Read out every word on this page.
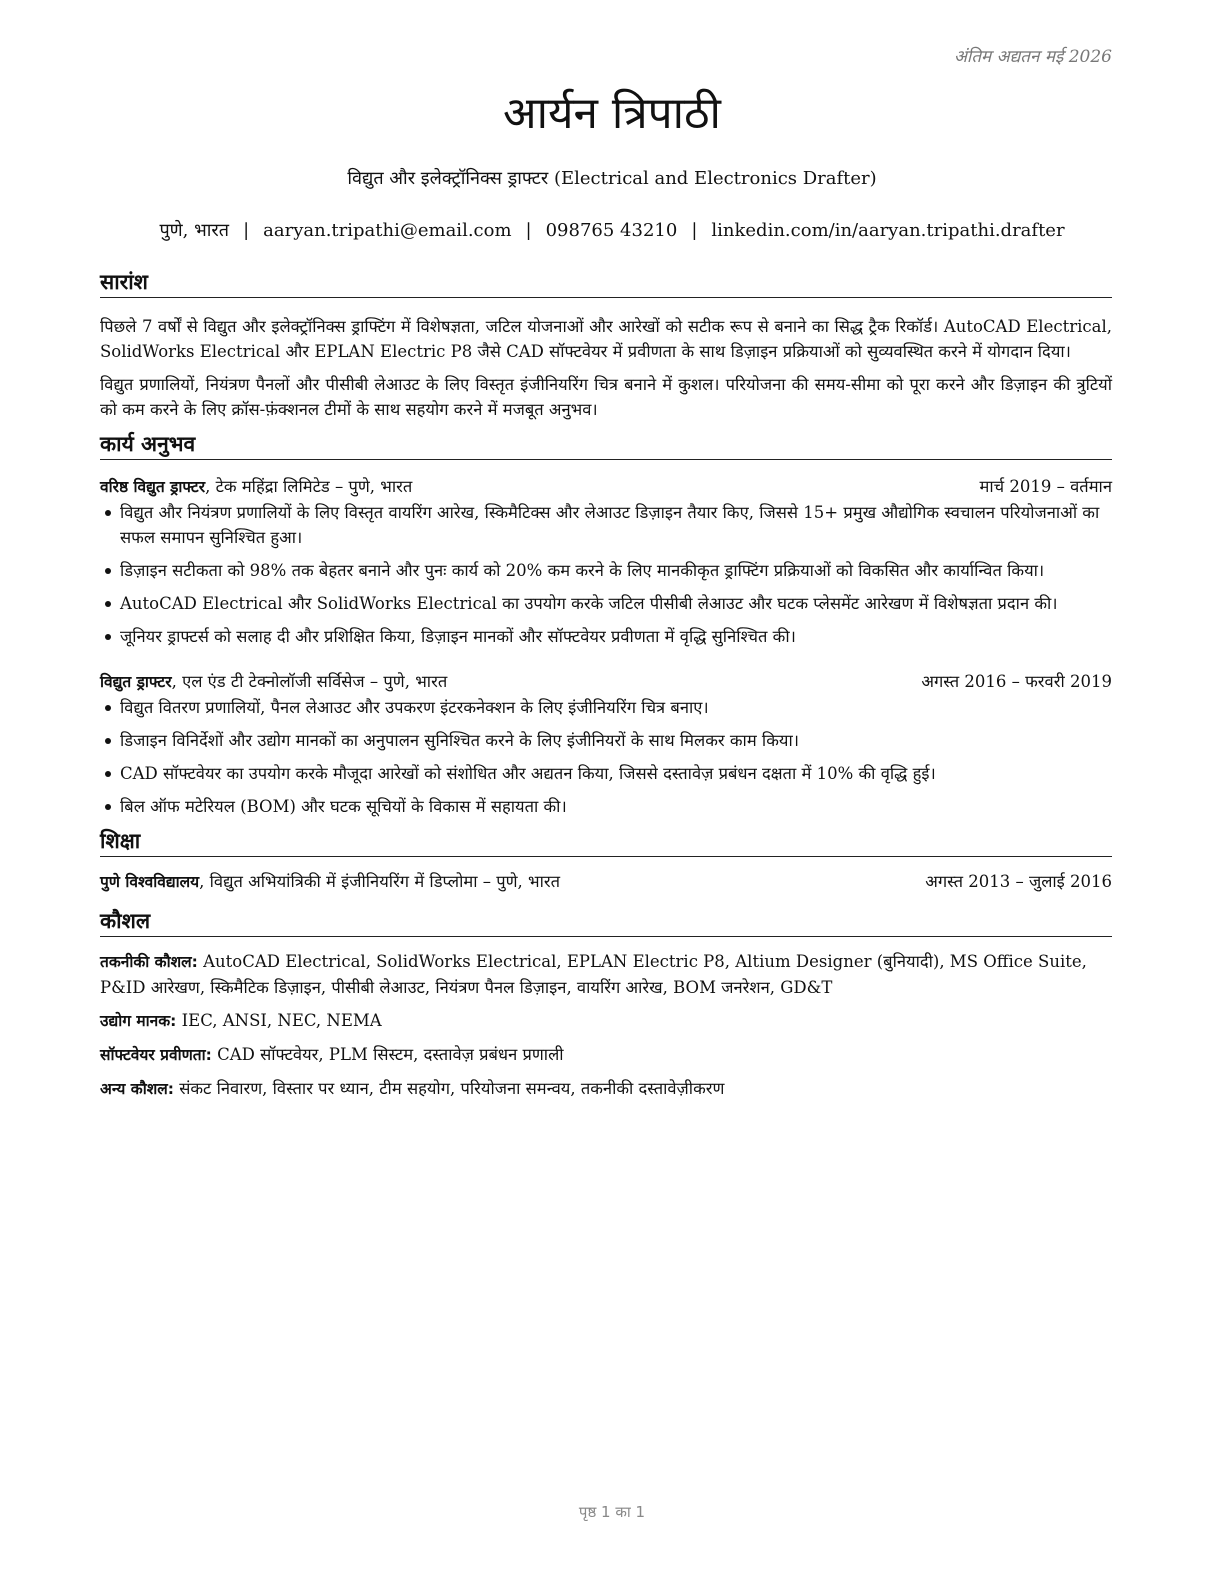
अंतिम अद्यतन मई 2026
आर्यन त्रिपाठी
विद्युत और इलेक्ट्रॉनिक्स ड्राफ्टर (Electrical and Electronics Drafter)
पुणे, भारत | aaryan.tripathi@email.com | 098765 43210 | linkedin.com/in/aaryan.tripathi.drafter
सारांश

पिछले 7 वर्षों से विद्युत और इलेक्ट्रॉनिक्स ड्राफ्टिंग में विशेषज्ञता, जटिल योजनाओं और आरेखों को सटीक रूप से बनाने का सिद्ध ट्रैक रिकॉर्ड। AutoCAD Electrical, SolidWorks Electrical और EPLAN Electric P8 जैसे CAD सॉफ्टवेयर में प्रवीणता के साथ डिज़ाइन प्रक्रियाओं को सुव्यवस्थित करने में योगदान दिया।

विद्युत प्रणालियों, नियंत्रण पैनलों और पीसीबी लेआउट के लिए विस्तृत इंजीनियरिंग चित्र बनाने में कुशल। परियोजना की समय-सीमा को पूरा करने और डिज़ाइन की त्रुटियों को कम करने के लिए क्रॉस-फ़ंक्शनल टीमों के साथ सहयोग करने में मजबूत अनुभव।

कार्य अनुभव
वरिष्ठ विद्युत ड्राफ्टर, टेक महिंद्रा लिमिटेड – पुणे, भारत	मार्च 2019 – वर्तमान
विद्युत और नियंत्रण प्रणालियों के लिए विस्तृत वायरिंग आरेख, स्किमैटिक्स और लेआउट डिज़ाइन तैयार किए, जिससे 15+ प्रमुख औद्योगिक स्वचालन परियोजनाओं का सफल समापन सुनिश्चित हुआ।
डिज़ाइन सटीकता को 98% तक बेहतर बनाने और पुनः कार्य को 20% कम करने के लिए मानकीकृत ड्राफ्टिंग प्रक्रियाओं को विकसित और कार्यान्वित किया।
AutoCAD Electrical और SolidWorks Electrical का उपयोग करके जटिल पीसीबी लेआउट और घटक प्लेसमेंट आरेखण में विशेषज्ञता प्रदान की।
जूनियर ड्राफ्टर्स को सलाह दी और प्रशिक्षित किया, डिज़ाइन मानकों और सॉफ्टवेयर प्रवीणता में वृद्धि सुनिश्चित की।
विद्युत ड्राफ्टर, एल एंड टी टेक्नोलॉजी सर्विसेज – पुणे, भारत	अगस्त 2016 – फरवरी 2019
विद्युत वितरण प्रणालियों, पैनल लेआउट और उपकरण इंटरकनेक्शन के लिए इंजीनियरिंग चित्र बनाए।
डिजाइन विनिर्देशों और उद्योग मानकों का अनुपालन सुनिश्चित करने के लिए इंजीनियरों के साथ मिलकर काम किया।
CAD सॉफ्टवेयर का उपयोग करके मौजूदा आरेखों को संशोधित और अद्यतन किया, जिससे दस्तावेज़ प्रबंधन दक्षता में 10% की वृद्धि हुई।
बिल ऑफ मटेरियल (BOM) और घटक सूचियों के विकास में सहायता की।
शिक्षा
पुणे विश्वविद्यालय, विद्युत अभियांत्रिकी में इंजीनियरिंग में डिप्लोमा – पुणे, भारत	अगस्त 2013 – जुलाई 2016
कौशल

तकनीकी कौशल: AutoCAD Electrical, SolidWorks Electrical, EPLAN Electric P8, Altium Designer (बुनियादी), MS Office Suite, P&ID आरेखण, स्किमैटिक डिज़ाइन, पीसीबी लेआउट, नियंत्रण पैनल डिज़ाइन, वायरिंग आरेख, BOM जनरेशन, GD&T

उद्योग मानक: IEC, ANSI, NEC, NEMA

सॉफ्टवेयर प्रवीणता: CAD सॉफ्टवेयर, PLM सिस्टम, दस्तावेज़ प्रबंधन प्रणाली

अन्य कौशल: संकट निवारण, विस्तार पर ध्यान, टीम सहयोग, परियोजना समन्वय, तकनीकी दस्तावेज़ीकरण

पृष्ठ 1 का 1
